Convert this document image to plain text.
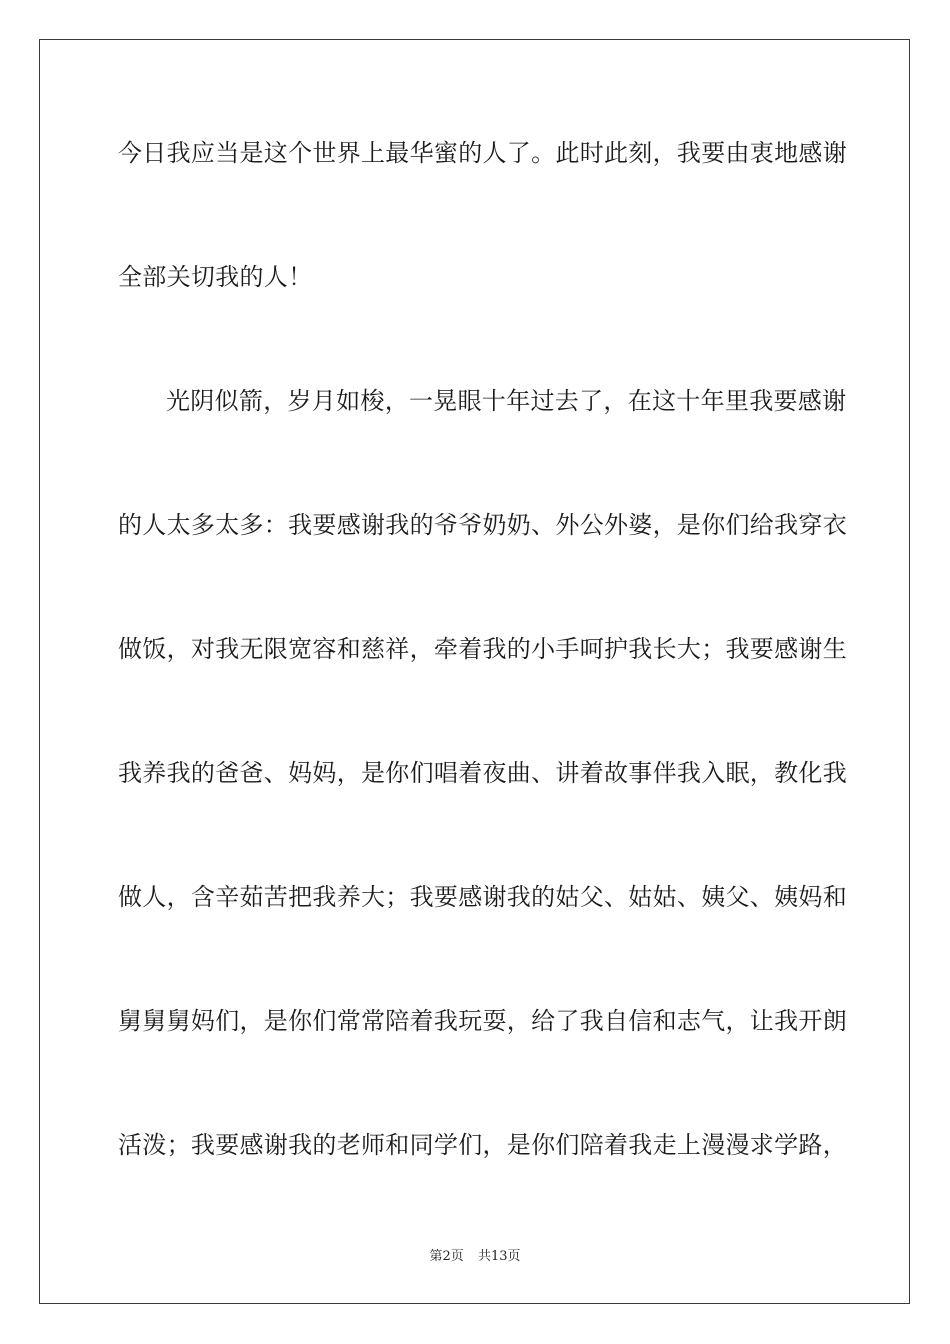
今日我应当是这个世界上最华蜜的人了。此时此刻，我要由衷地感谢
全部关切我的人！
光阴似箭，岁月如梭，一晃眼十年过去了，在这十年里我要感谢
的人太多太多：我要感谢我的爷爷奶奶、外公外婆，是你们给我穿衣
做饭，对我无限宽容和慈祥，牵着我的小手呵护我长大；我要感谢生
我养我的爸爸、妈妈，是你们唱着夜曲、讲着故事伴我入眠，教化我
做人，含辛茹苦把我养大；我要感谢我的姑父、姑姑、姨父、姨妈和
舅舅舅妈们，是你们常常陪着我玩耍，给了我自信和志气，让我开朗
活泼；我要感谢我的老师和同学们，是你们陪着我走上漫漫求学路，
第2页 共13页
